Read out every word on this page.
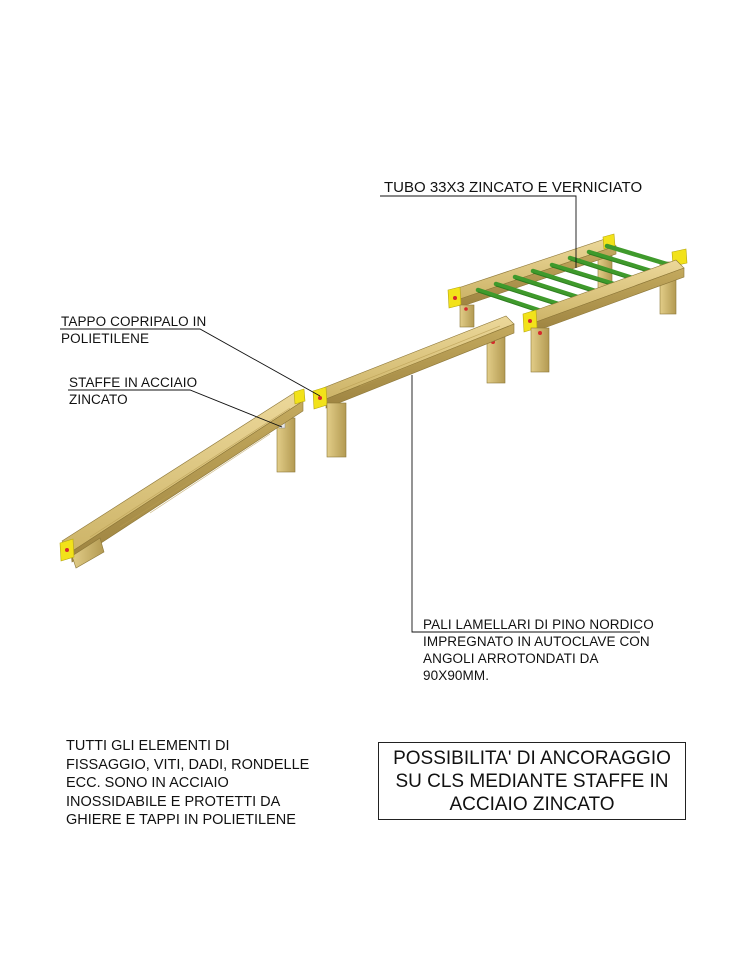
TUBO 33X3 ZINCATO E VERNICIATO
TAPPO COPRIPALO IN
POLIETILENE
STAFFE IN ACCIAIO
ZINCATO
PALI LAMELLARI DI PINO NORDICO
IMPREGNATO IN AUTOCLAVE CON
ANGOLI ARROTONDATI DA
90X90MM.
TUTTI GLI ELEMENTI DI
FISSAGGIO, VITI, DADI, RONDELLE
ECC. SONO IN ACCIAIO
INOSSIDABILE E PROTETTI DA
GHIERE E TAPPI IN POLIETILENE
POSSIBILITA' DI ANCORAGGIO
SU CLS MEDIANTE STAFFE IN
ACCIAIO ZINCATO
